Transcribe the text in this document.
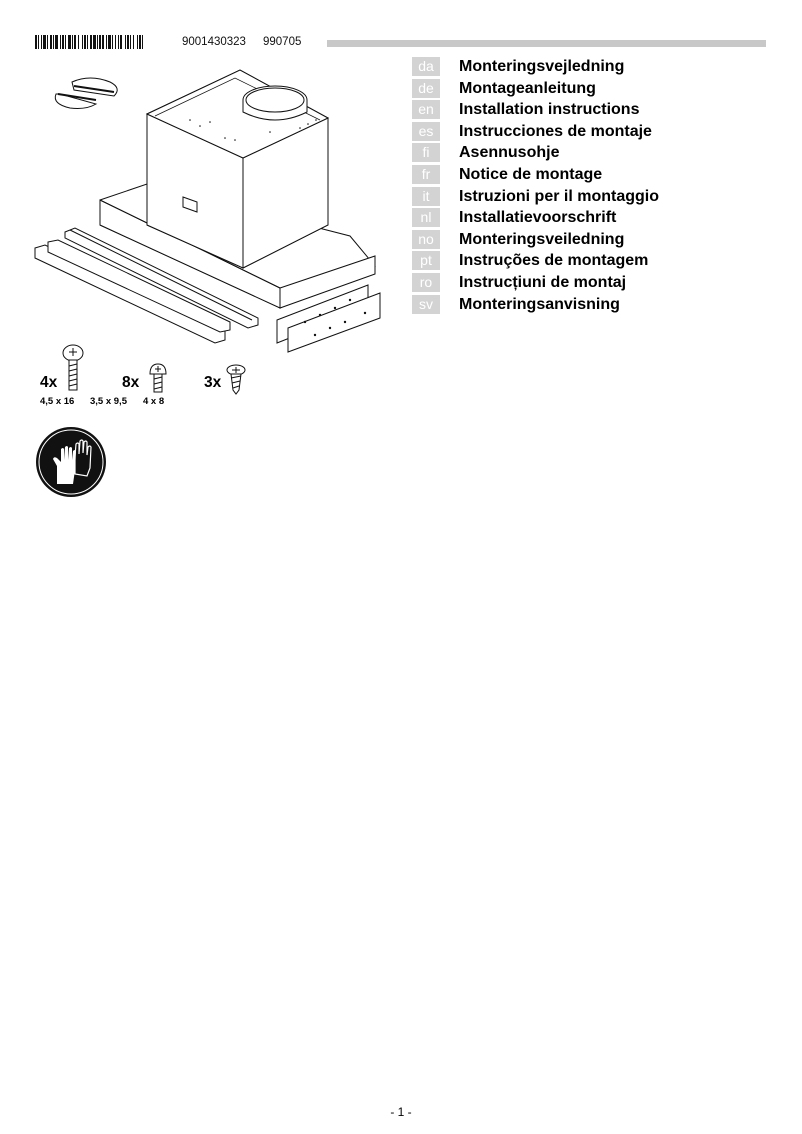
9001430323 990705
da	Monteringsvejledning
de	Montageanleitung
en	Installation instructions
es	Instrucciones de montaje
fi	Asennusohje
fr	Notice de montage
it	Istruzioni per il montaggio
nl	Installatievoorschrift
no	Monteringsveiledning
pt	Instruções de montagem
ro	Instrucțiuni de montaj
sv	Monteringsanvisning
4x	8x	3x
4,5 x 16 3,5 x 9,5 4 x 8
- 1 -
